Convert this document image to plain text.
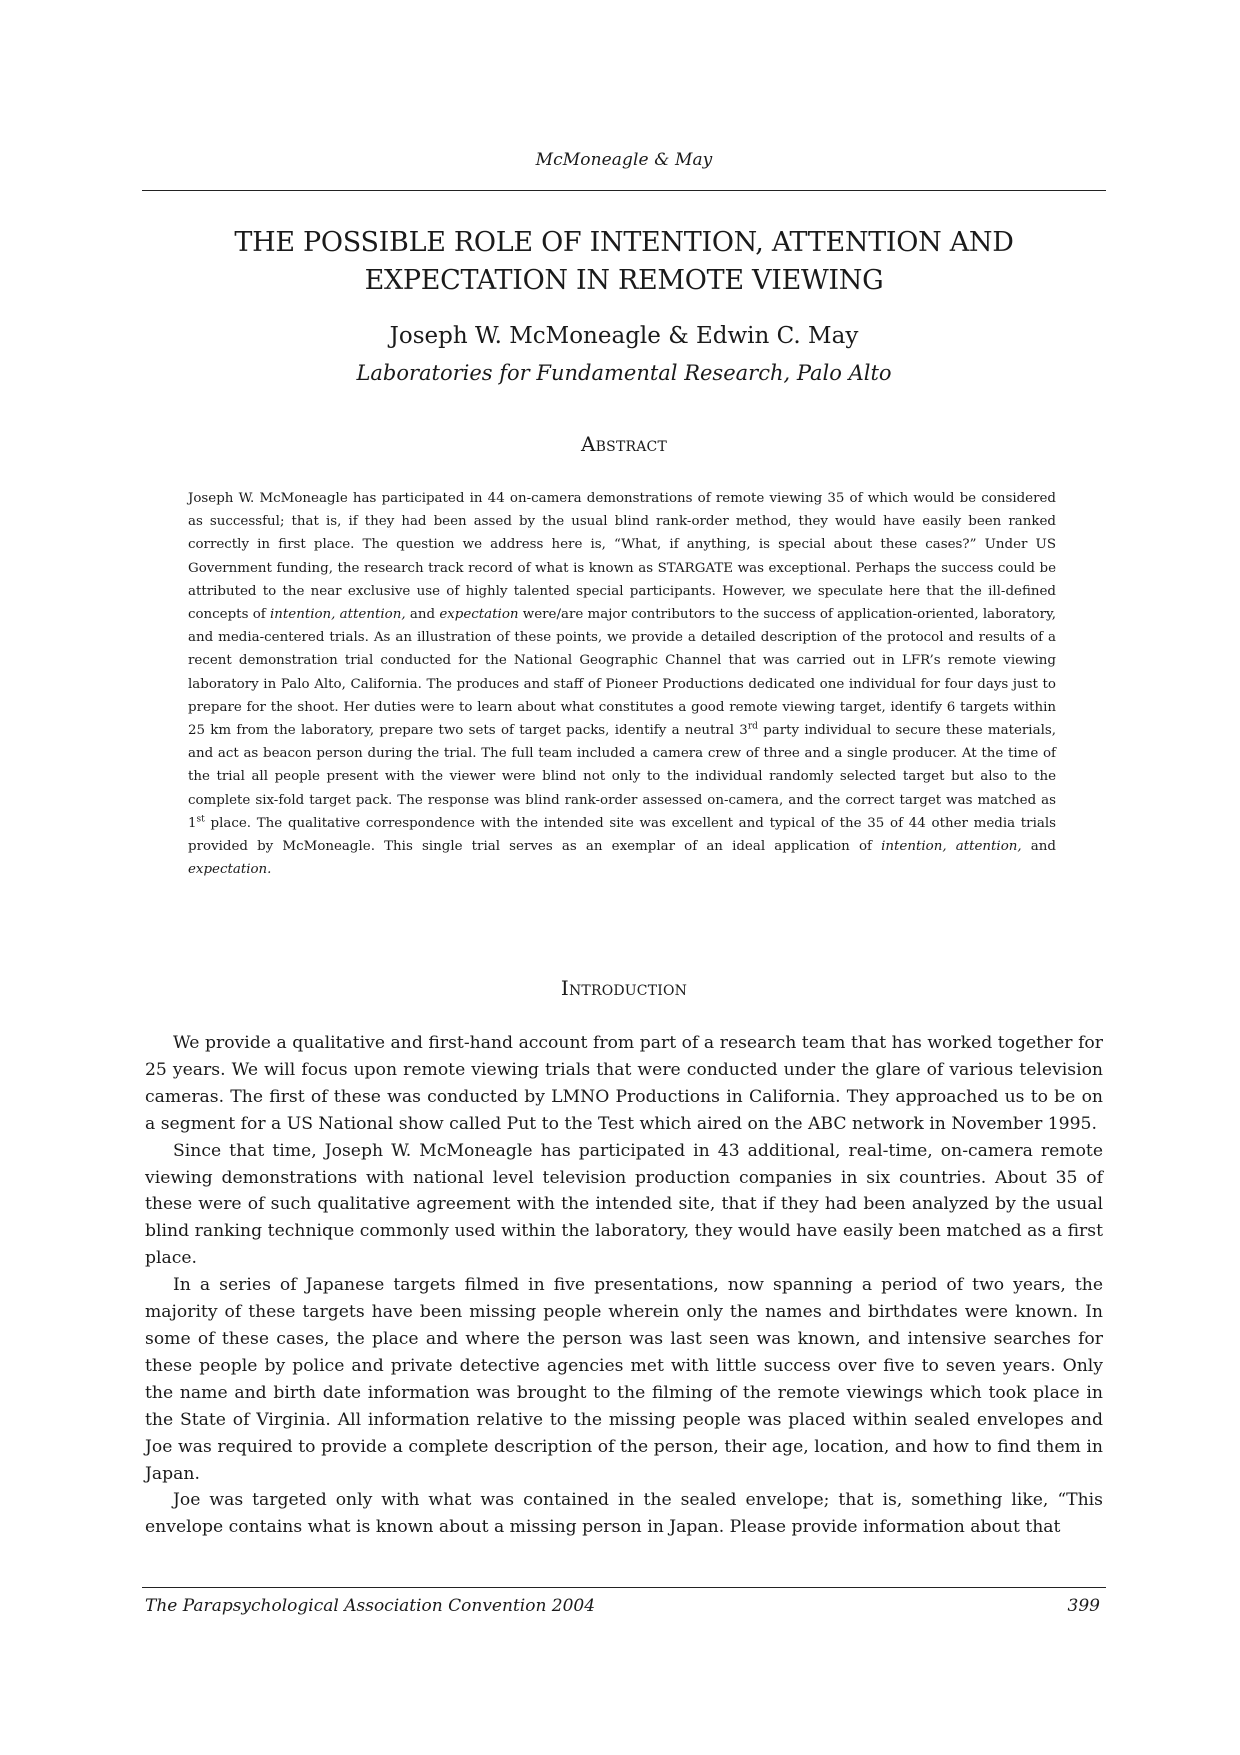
McMoneagle & May
THE POSSIBLE ROLE OF INTENTION, ATTENTION AND
EXPECTATION IN REMOTE VIEWING
Joseph W. McMoneagle & Edwin C. May
Laboratories for Fundamental Research, Palo Alto
Abstract

Joseph W. McMoneagle has participated in 44 on-camera demonstrations of remote viewing 35 of which would be considered as successful; that is, if they had been assed by the usual blind rank-order method, they would have easily been ranked correctly in first place. The question we address here is, “What, if anything, is special about these cases?” Under US Government funding, the research track record of what is known as STARGATE was exceptional. Perhaps the success could be attributed to the near exclusive use of highly talented special participants. However, we speculate here that the ill-defined concepts of intention, attention, and expectation were/are major contributors to the success of application-oriented, laboratory, and media-centered trials. As an illustration of these points, we provide a detailed description of the protocol and results of a recent demonstration trial conducted for the National Geographic Channel that was carried out in LFR’s remote viewing laboratory in Palo Alto, California. The produces and staff of Pioneer Productions dedicated one individual for four days just to prepare for the shoot. Her duties were to learn about what constitutes a good remote viewing target, identify 6 targets within 25 km from the laboratory, prepare two sets of target packs, identify a neutral 3rd party individual to secure these materials, and act as beacon person during the trial. The full team included a camera crew of three and a single producer. At the time of the trial all people present with the viewer were blind not only to the individual randomly selected target but also to the complete six-fold target pack. The response was blind rank-order assessed on-camera, and the correct target was matched as 1st place. The qualitative correspondence with the intended site was excellent and typical of the 35 of 44 other media trials provided by McMoneagle. This single trial serves as an exemplar of an ideal application of intention, attention, and expectation.

Introduction

We provide a qualitative and first-hand account from part of a research team that has worked together for 25 years. We will focus upon remote viewing trials that were conducted under the glare of various television cameras. The first of these was conducted by LMNO Productions in California. They approached us to be on a segment for a US National show called Put to the Test which aired on the ABC network in November 1995.

Since that time, Joseph W. McMoneagle has participated in 43 additional, real-time, on-camera remote viewing demonstrations with national level television production companies in six countries. About 35 of these were of such qualitative agreement with the intended site, that if they had been analyzed by the usual blind ranking technique commonly used within the laboratory, they would have easily been matched as a first place.

In a series of Japanese targets filmed in five presentations, now spanning a period of two years, the majority of these targets have been missing people wherein only the names and birthdates were known. In some of these cases, the place and where the person was last seen was known, and intensive searches for these people by police and private detective agencies met with little success over five to seven years. Only the name and birth date information was brought to the filming of the remote viewings which took place in the State of Virginia. All information relative to the missing people was placed within sealed envelopes and Joe was required to provide a complete description of the person, their age, location, and how to find them in Japan.

Joe was targeted only with what was contained in the sealed envelope; that is, something like, “This envelope contains what is known about a missing person in Japan. Please provide information about that

The Parapsychological Association Convention 2004	399
